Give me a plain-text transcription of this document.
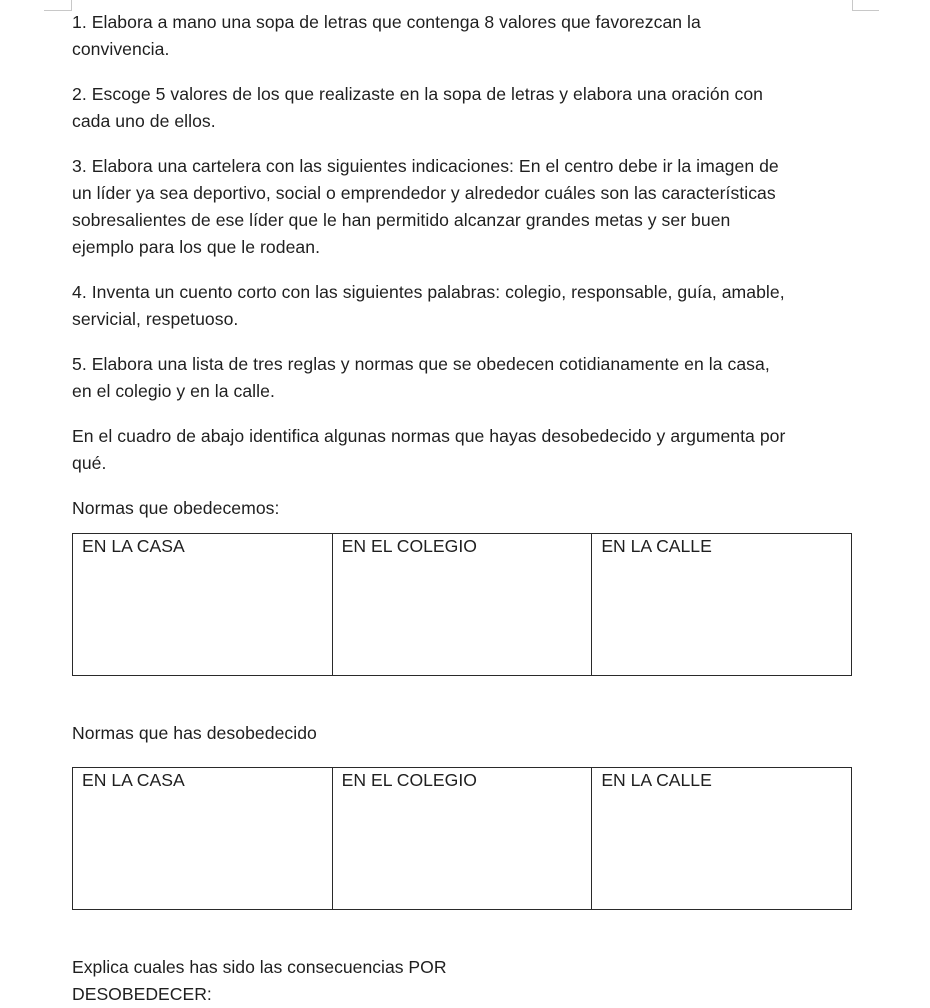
1. Elabora a mano una sopa de letras que contenga 8 valores que favorezcan la
convivencia.

2. Escoge 5 valores de los que realizaste en la sopa de letras y elabora una oración con
cada uno de ellos.

3. Elabora una cartelera con las siguientes indicaciones: En el centro debe ir la imagen de
un líder ya sea deportivo, social o emprendedor y alrededor cuáles son las características
sobresalientes de ese líder que le han permitido alcanzar grandes metas y ser buen
ejemplo para los que le rodean.

4. Inventa un cuento corto con las siguientes palabras: colegio, responsable, guía, amable,
servicial, respetuoso.

5. Elabora una lista de tres reglas y normas que se obedecen cotidianamente en la casa,
en el colegio y en la calle.

En el cuadro de abajo identifica algunas normas que hayas desobedecido y argumenta por
qué.

Normas que obedecemos:

EN LA CASA	EN EL COLEGIO	EN LA CALLE

Normas que has desobedecido

EN LA CASA	EN EL COLEGIO	EN LA CALLE

Explica cuales has sido las consecuencias POR
DESOBEDECER:
